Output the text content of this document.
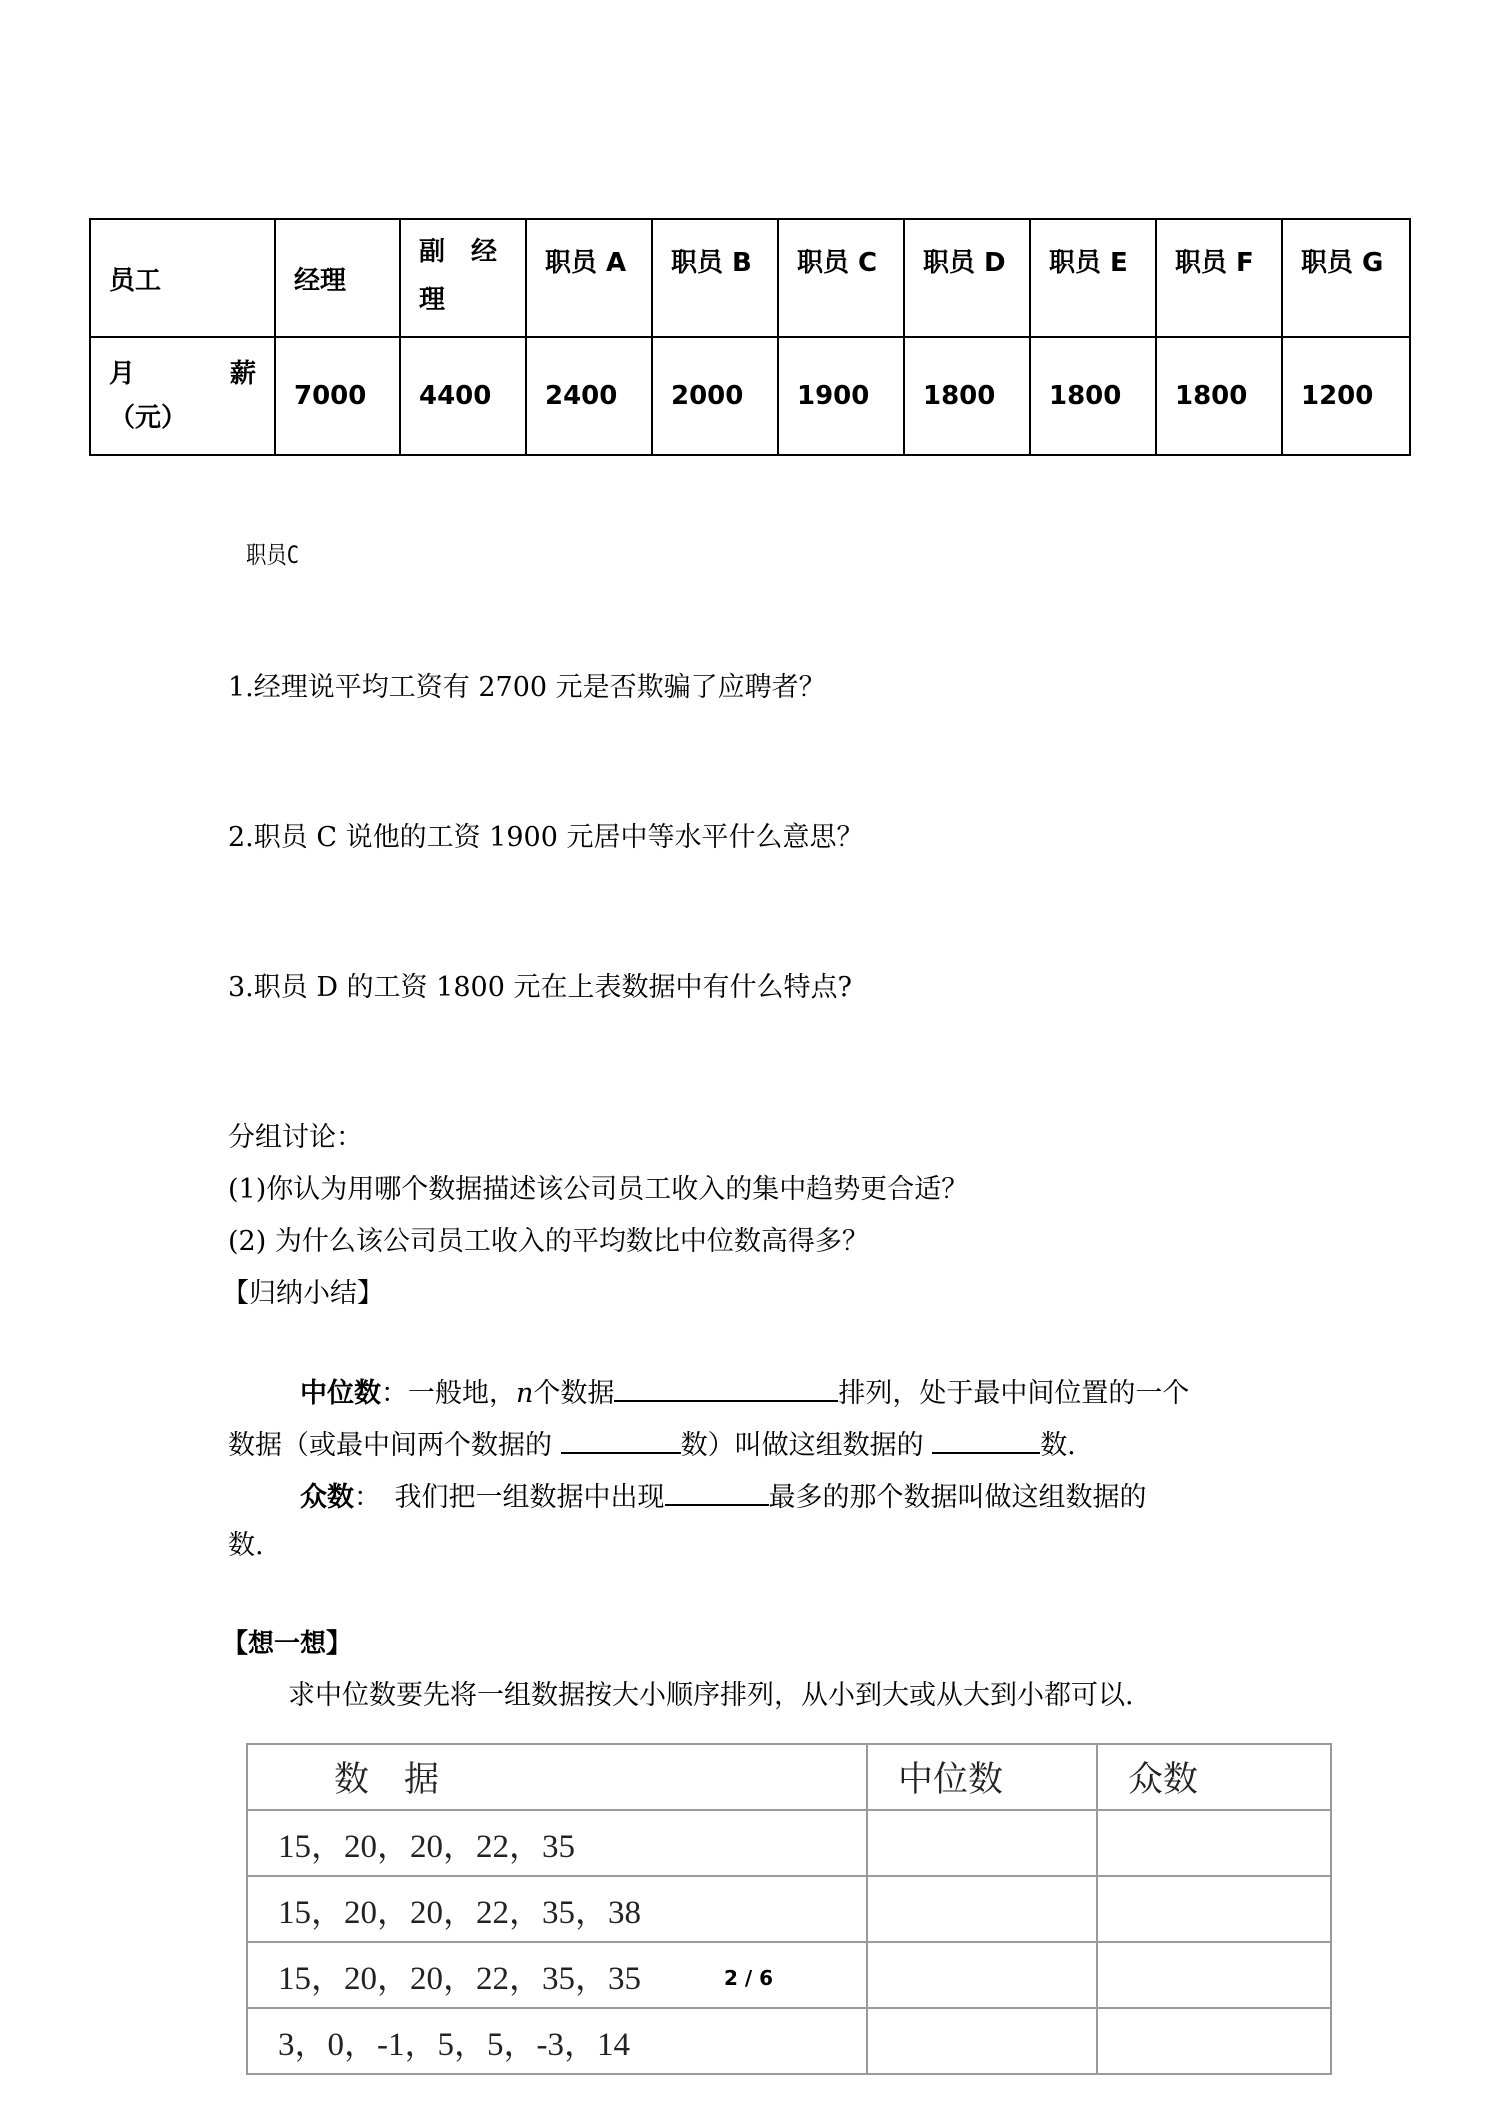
员工	经理	副　经理	职员 A	职员 B	职员 C	职员 D	职员 E	职员 F	职员 G

月 薪
（元）	7000	4400	2400	2000	1900	1800	1800	1800	1200
职员C
1.经理说平均工资有 2700 元是否欺骗了应聘者？
2.职员 C 说他的工资 1900 元居中等水平什么意思？
3.职员 D 的工资 1800 元在上表数据中有什么特点?
分组讨论：
(1)你认为用哪个数据描述该公司员工收入的集中趋势更合适？
(2) 为什么该公司员工收入的平均数比中位数高得多？
【归纳小结】
中位数：一般地，n个数据	排列，处于最中间位置的一个
数据（或最中间两个数据的	数）叫做这组数据的	数.
众数：　我们把一组数据中出现	最多的那个数据叫做这组数据的
数.
【想一想】
求中位数要先将一组数据按大小顺序排列，从小到大或从大到小都可以.
数　据	中位数	众数
15，20，20，22，35		
15，20，20，22，35，38		
15，20，20，22，35，35		
3，0，-1，5，5，-3，14		
2 / 6
